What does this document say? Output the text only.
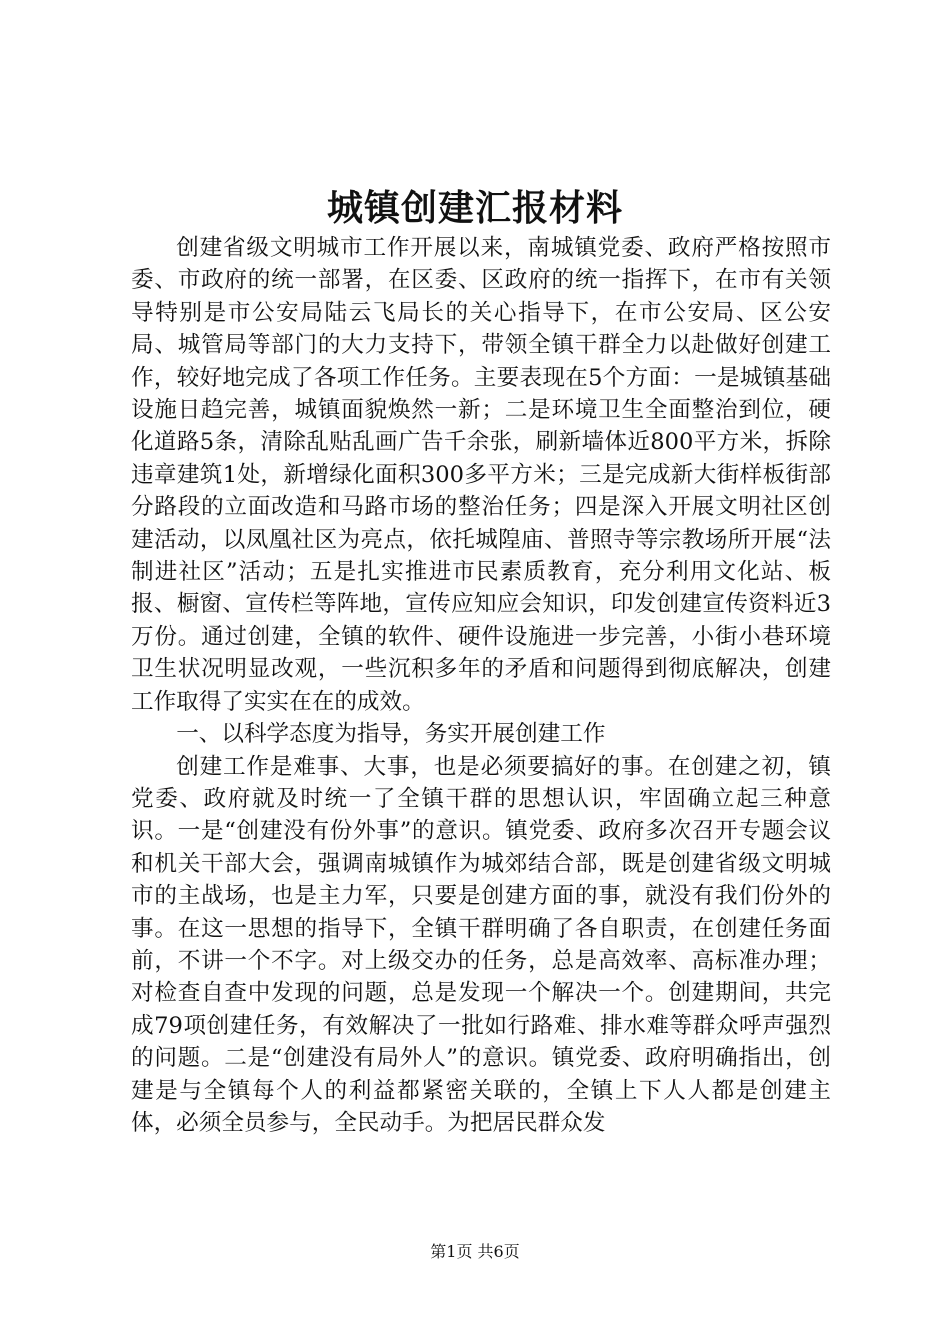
城镇创建汇报材料

创建省级文明城市工作开展以来，南城镇党委、政府严格按照市委、市政府的统一部署，在区委、区政府的统一指挥下，在市有关领导特别是市公安局陆云飞局长的关心指导下，在市公安局、区公安局、城管局等部门的大力支持下，带领全镇干群全力以赴做好创建工作，较好地完成了各项工作任务。主要表现在5个方面：一是城镇基础设施日趋完善，城镇面貌焕然一新；二是环境卫生全面整治到位，硬化道路5条，清除乱贴乱画广告千余张，刷新墙体近800平方米，拆除违章建筑1处，新增绿化面积300多平方米；三是完成新大街样板街部分路段的立面改造和马路市场的整治任务；四是深入开展文明社区创建活动，以凤凰社区为亮点，依托城隍庙、普照寺等宗教场所开展“法制进社区”活动；五是扎实推进市民素质教育，充分利用文化站、板报、橱窗、宣传栏等阵地，宣传应知应会知识，印发创建宣传资料近3万份。通过创建，全镇的软件、硬件设施进一步完善，小街小巷环境卫生状况明显改观，一些沉积多年的矛盾和问题得到彻底解决，创建工作取得了实实在在的成效。

一、以科学态度为指导，务实开展创建工作

创建工作是难事、大事，也是必须要搞好的事。在创建之初，镇党委、政府就及时统一了全镇干群的思想认识，牢固确立起三种意识。一是“创建没有份外事”的意识。镇党委、政府多次召开专题会议和机关干部大会，强调南城镇作为城郊结合部，既是创建省级文明城市的主战场，也是主力军，只要是创建方面的事，就没有我们份外的事。在这一思想的指导下，全镇干群明确了各自职责，在创建任务面前，不讲一个不字。对上级交办的任务，总是高效率、高标准办理；对检查自查中发现的问题，总是发现一个解决一个。创建期间，共完成79项创建任务，有效解决了一批如行路难、排水难等群众呼声强烈的问题。二是“创建没有局外人”的意识。镇党委、政府明确指出，创建是与全镇每个人的利益都紧密关联的，全镇上下人人都是创建主体，必须全员参与，全民动手。为把居民群众发

第1页 共6页
